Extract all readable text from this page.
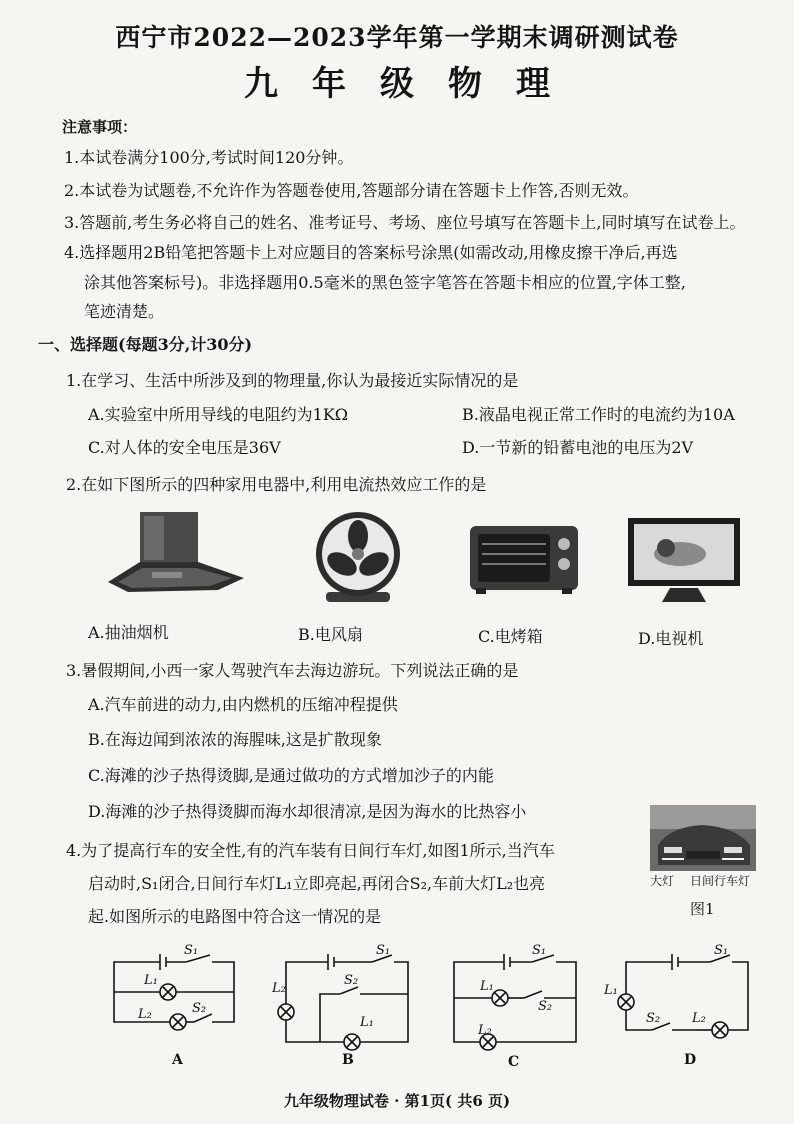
西宁市2022—2023学年第一学期末调研测试卷
九年级物理
注意事项：
1.本试卷满分100分,考试时间120分钟。
2.本试卷为试题卷,不允许作为答题卷使用,答题部分请在答题卡上作答,否则无效。
3.答题前,考生务必将自己的姓名、准考证号、考场、座位号填写在答题卡上,同时填写在试卷上。
4.选择题用2B铅笔把答题卡上对应题目的答案标号涂黑(如需改动,用橡皮擦干净后,再选
涂其他答案标号)。非选择题用0.5毫米的黑色签字笔答在答题卡相应的位置,字体工整,
笔迹清楚。
一、选择题(每题3分,计30分)
1.在学习、生活中所涉及到的物理量,你认为最接近实际情况的是
A.实验室中所用导线的电阻约为1KΩ	B.液晶电视正常工作时的电流约为10A
C.对人体的安全电压是36V	D.一节新的铅蓄电池的电压为2V
2.在如下图所示的四种家用电器中,利用电流热效应工作的是
A.抽油烟机	B.电风扇	C.电烤箱	D.电视机
3.暑假期间,小西一家人驾驶汽车去海边游玩。下列说法正确的是
A.汽车前进的动力,由内燃机的压缩冲程提供
B.在海边闻到浓浓的海腥味,这是扩散现象
C.海滩的沙子热得烫脚,是通过做功的方式增加沙子的内能
D.海滩的沙子热得烫脚而海水却很清凉,是因为海水的比热容小
大灯 日间行车灯
图1
4.为了提高行车的安全性,有的汽车装有日间行车灯,如图1所示,当汽车
启动时,S₁闭合,日间行车灯L₁立即亮起,再闭合S₂,车前大灯L₂也亮
起.如图所示的电路图中符合这一情况的是
S₁
L₁
L₂	S₂
S₁
L₂
S₂
L₁
S₁
L₁
S₂
L₂
S₁
L₁
S₂ L₂
A	B	C	D
九年级物理试卷 · 第1页( 共6 页)
